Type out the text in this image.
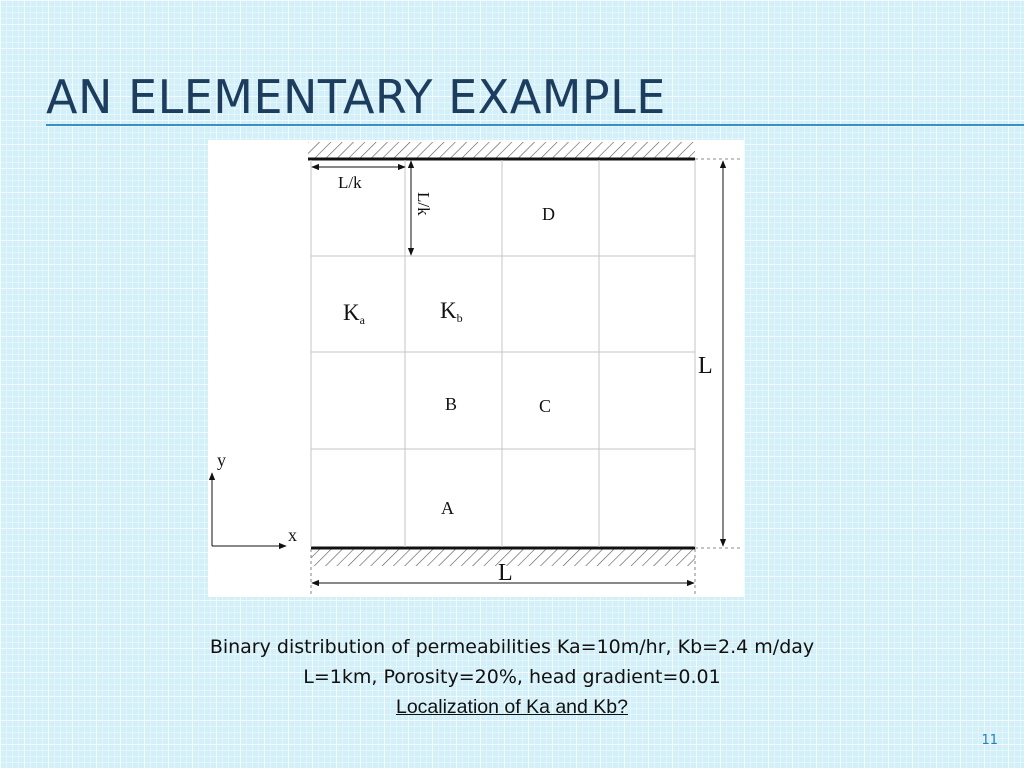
AN ELEMENTARY EXAMPLE
L/k
L/k
L
L
D
Ka	Kb
B	C
A
y
x
Binary distribution of permeabilities Ka=10m/hr, Kb=2.4 m/day
L=1km, Porosity=20%, head gradient=0.01
Localization of Ka and Kb?
11
